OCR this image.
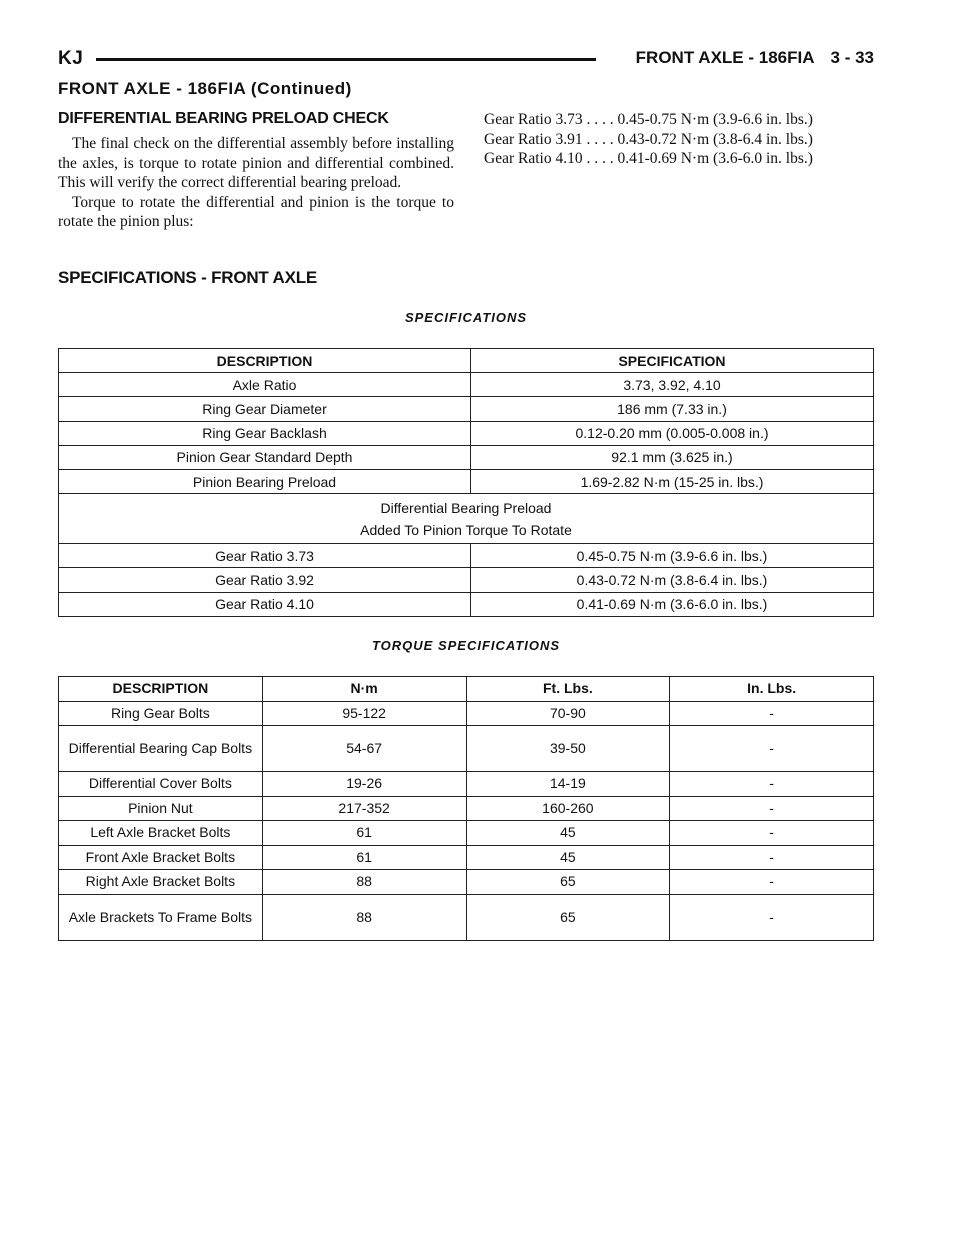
KJ	FRONT AXLE - 186FIA 3 - 33
FRONT AXLE - 186FIA (Continued)
DIFFERENTIAL BEARING PRELOAD CHECK

The final check on the differential assembly before installing the axles, is torque to rotate pinion and differential combined. This will verify the correct differential bearing preload.

Torque to rotate the differential and pinion is the torque to rotate the pinion plus:

Gear Ratio 3.73 . . . . 0.45-0.75 N·m (3.9-6.6 in. lbs.)
Gear Ratio 3.91 . . . . 0.43-0.72 N·m (3.8-6.4 in. lbs.)
Gear Ratio 4.10 . . . . 0.41-0.69 N·m (3.6-6.0 in. lbs.)
SPECIFICATIONS - FRONT AXLE
SPECIFICATIONS
DESCRIPTION	SPECIFICATION
Axle Ratio	3.73, 3.92, 4.10
Ring Gear Diameter	186 mm (7.33 in.)
Ring Gear Backlash	0.12-0.20 mm (0.005-0.008 in.)
Pinion Gear Standard Depth	92.1 mm (3.625 in.)
Pinion Bearing Preload	1.69-2.82 N·m (15-25 in. lbs.)
Differential Bearing Preload
Added To Pinion Torque To Rotate	

Gear Ratio 3.73	0.45-0.75 N·m (3.9-6.6 in. lbs.)
Gear Ratio 3.92	0.43-0.72 N·m (3.8-6.4 in. lbs.)
Gear Ratio 4.10	0.41-0.69 N·m (3.6-6.0 in. lbs.)
TORQUE SPECIFICATIONS
DESCRIPTION	N·m	Ft. Lbs.	In. Lbs.
Ring Gear Bolts	95-122	70-90	-
Differential Bearing Cap Bolts	54-67	39-50	-
Differential Cover Bolts	19-26	14-19	-
Pinion Nut	217-352	160-260	-
Left Axle Bracket Bolts	61	45	-
Front Axle Bracket Bolts	61	45	-
Right Axle Bracket Bolts	88	65	-
Axle Brackets To Frame Bolts	88	65	-
